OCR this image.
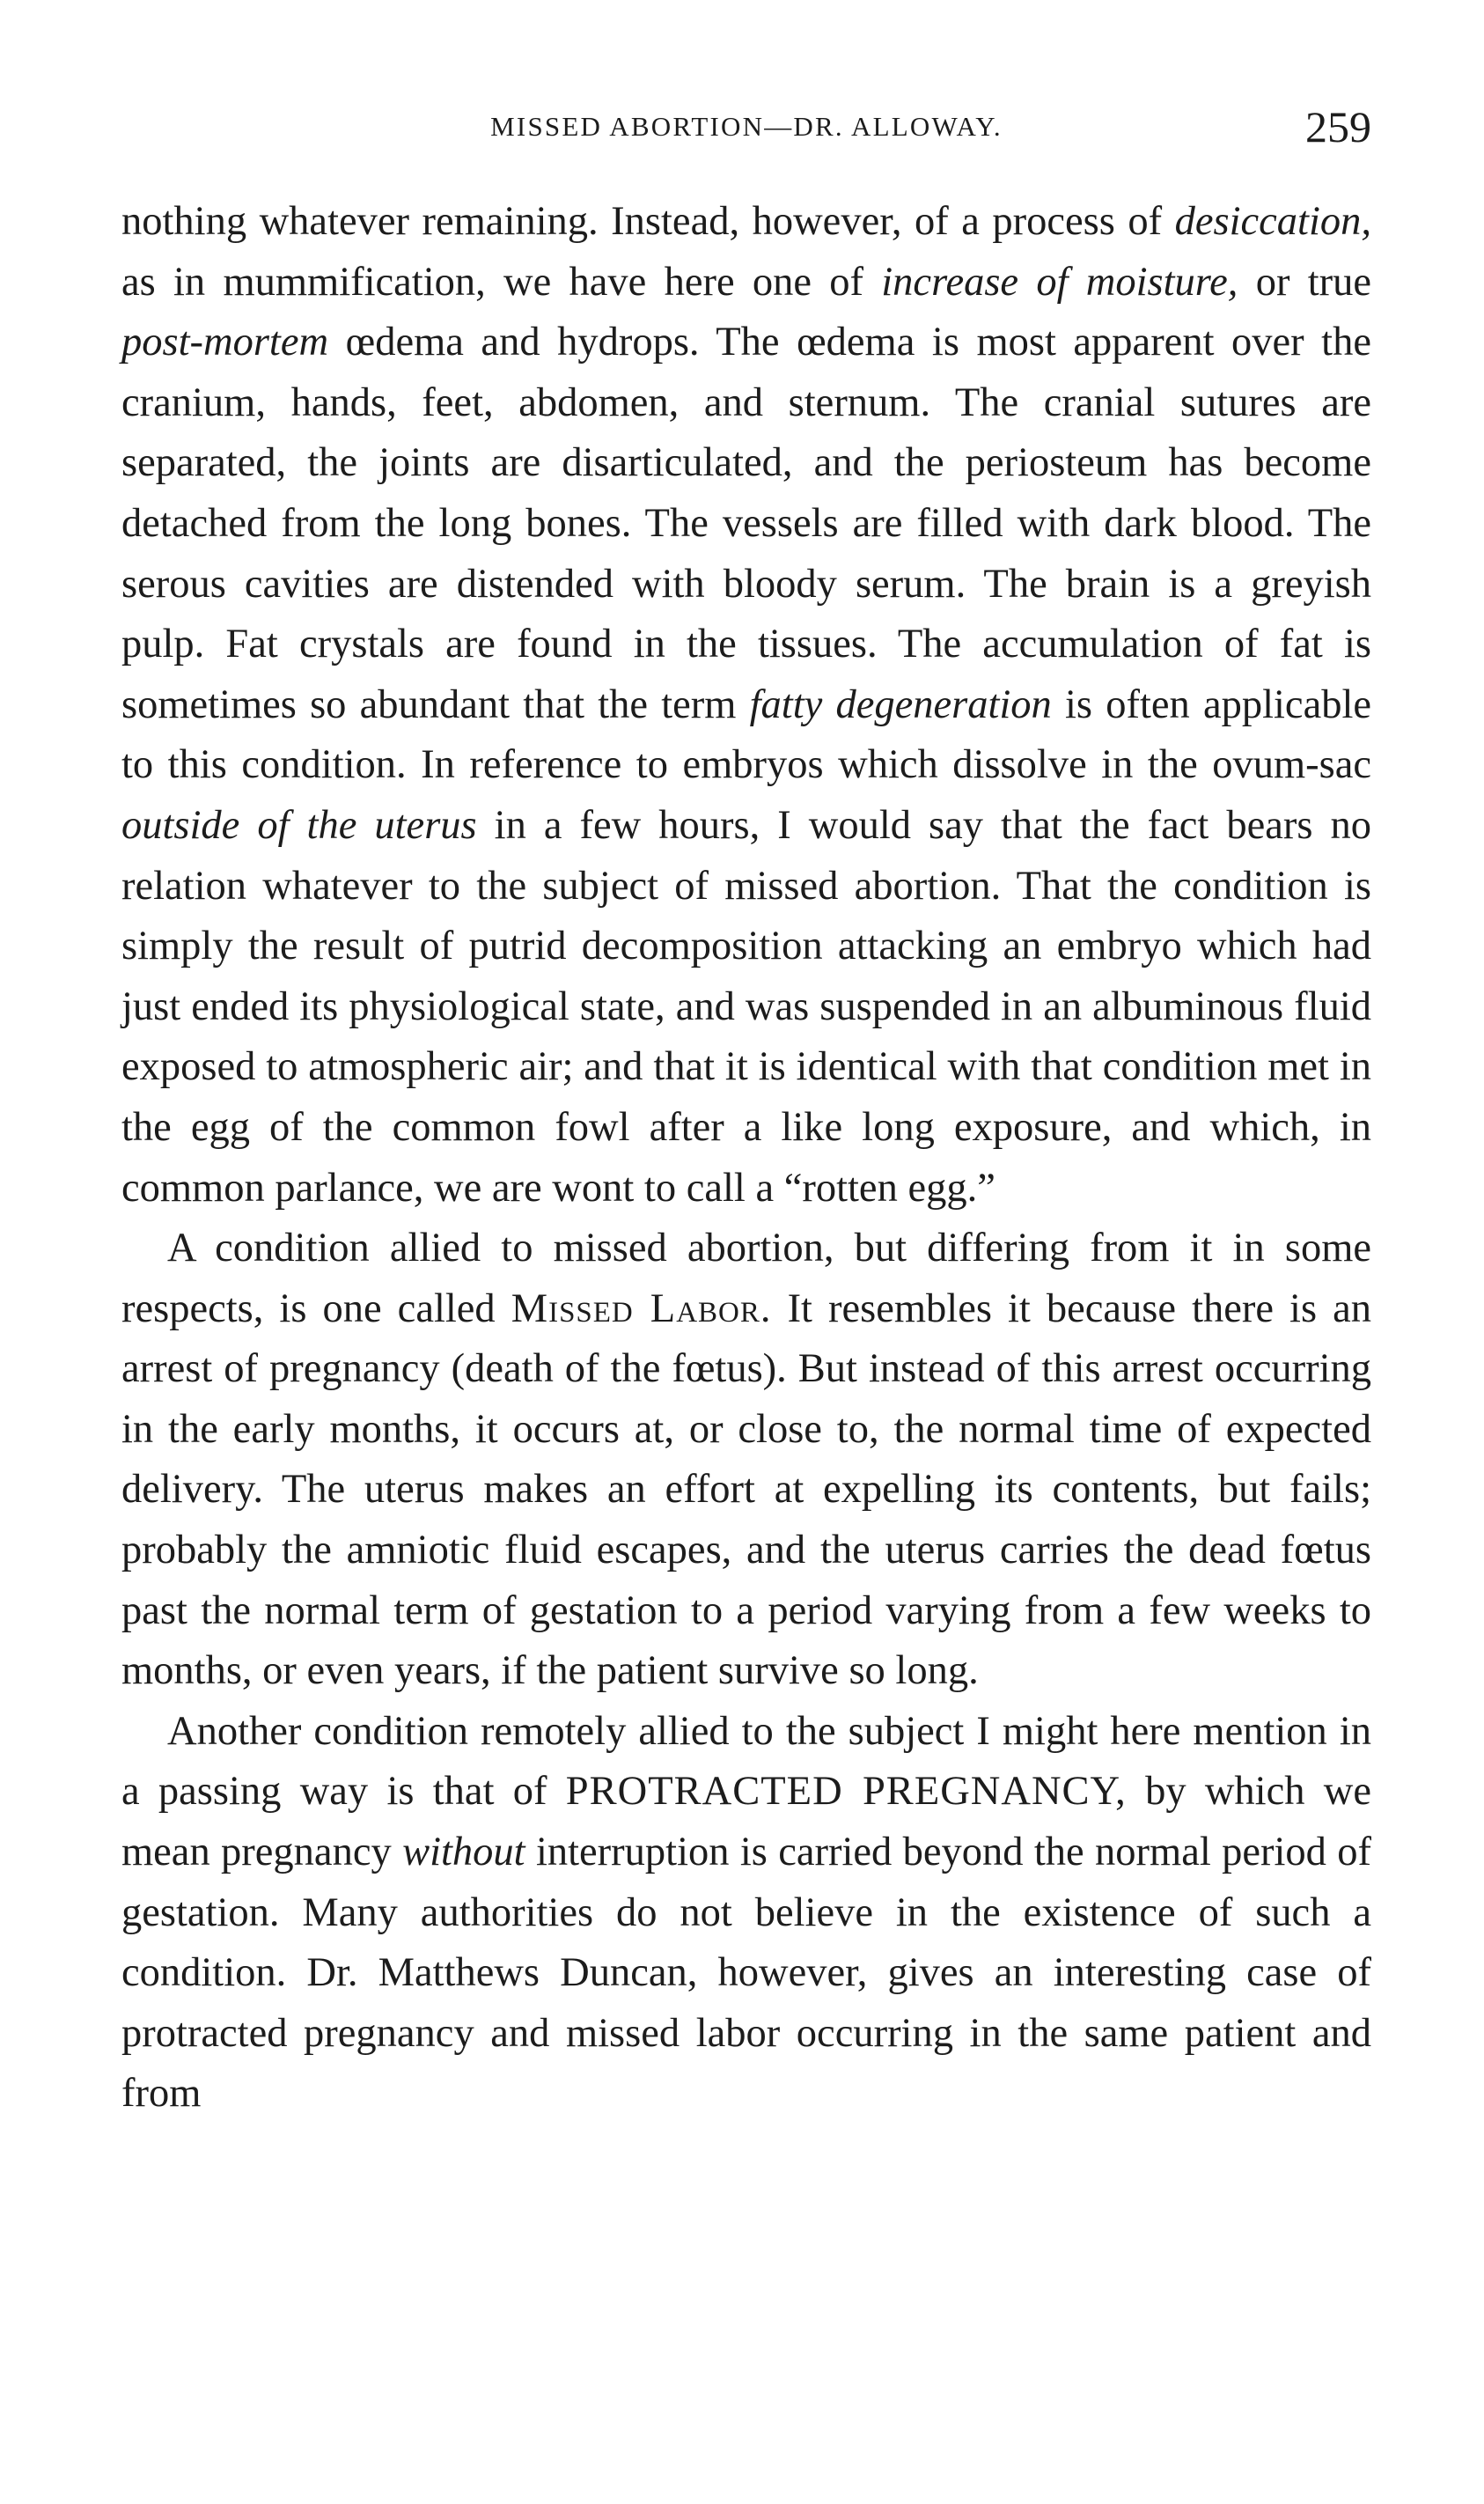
MISSED ABORTION—DR. ALLOWAY.	259

nothing whatever remaining. Instead, however, of a process of desiccation, as in mummification, we have here one of increase of moisture, or true post-mortem œdema and hydrops. The œdema is most apparent over the cranium, hands, feet, abdomen, and sternum. The cranial sutures are separated, the joints are disarticulated, and the periosteum has become detached from the long bones. The vessels are filled with dark blood. The serous cavities are distended with bloody serum. The brain is a greyish pulp. Fat crystals are found in the tissues. The accumulation of fat is sometimes so abundant that the term fatty degeneration is often applicable to this condition. In reference to embryos which dissolve in the ovum-sac outside of the uterus in a few hours, I would say that the fact bears no relation whatever to the subject of missed abortion. That the condition is simply the result of putrid decomposition attacking an embryo which had just ended its physiological state, and was suspended in an albuminous fluid exposed to atmospheric air; and that it is identical with that condition met in the egg of the common fowl after a like long exposure, and which, in common parlance, we are wont to call a “rotten egg.”

A condition allied to missed abortion, but differing from it in some respects, is one called Missed Labor. It resembles it because there is an arrest of pregnancy (death of the fœtus). But instead of this arrest occurring in the early months, it occurs at, or close to, the normal time of expected delivery. The uterus makes an effort at expelling its contents, but fails; probably the amniotic fluid escapes, and the uterus carries the dead fœtus past the normal term of gestation to a period varying from a few weeks to months, or even years, if the patient survive so long.

Another condition remotely allied to the subject I might here mention in a passing way is that of PROTRACTED PREGNANCY, by which we mean pregnancy without interruption is carried beyond the normal period of gestation. Many authorities do not believe in the existence of such a condition. Dr. Matthews Duncan, however, gives an interesting case of protracted pregnancy and missed labor occurring in the same patient and from
